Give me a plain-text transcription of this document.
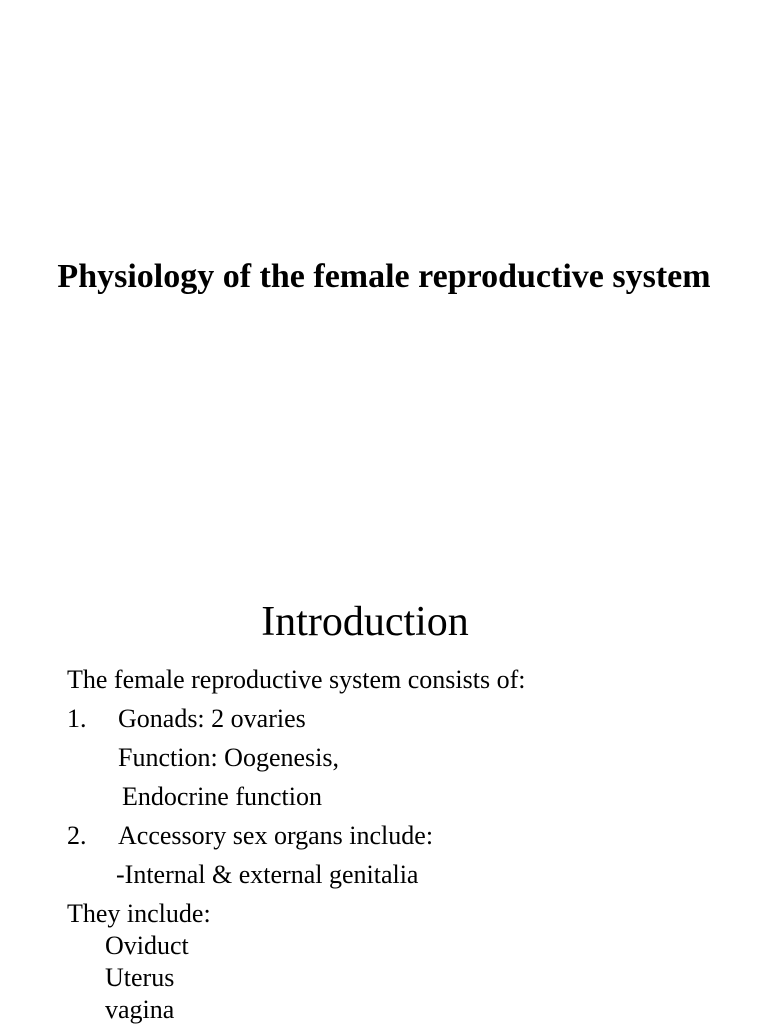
Physiology of the female reproductive system
Introduction

The female reproductive system consists of:

1. Gonads: 2 ovaries

Function: Oogenesis,

Endocrine function

2. Accessory sex organs include:

-Internal & external genitalia

They include:

Oviduct

Uterus

vagina
